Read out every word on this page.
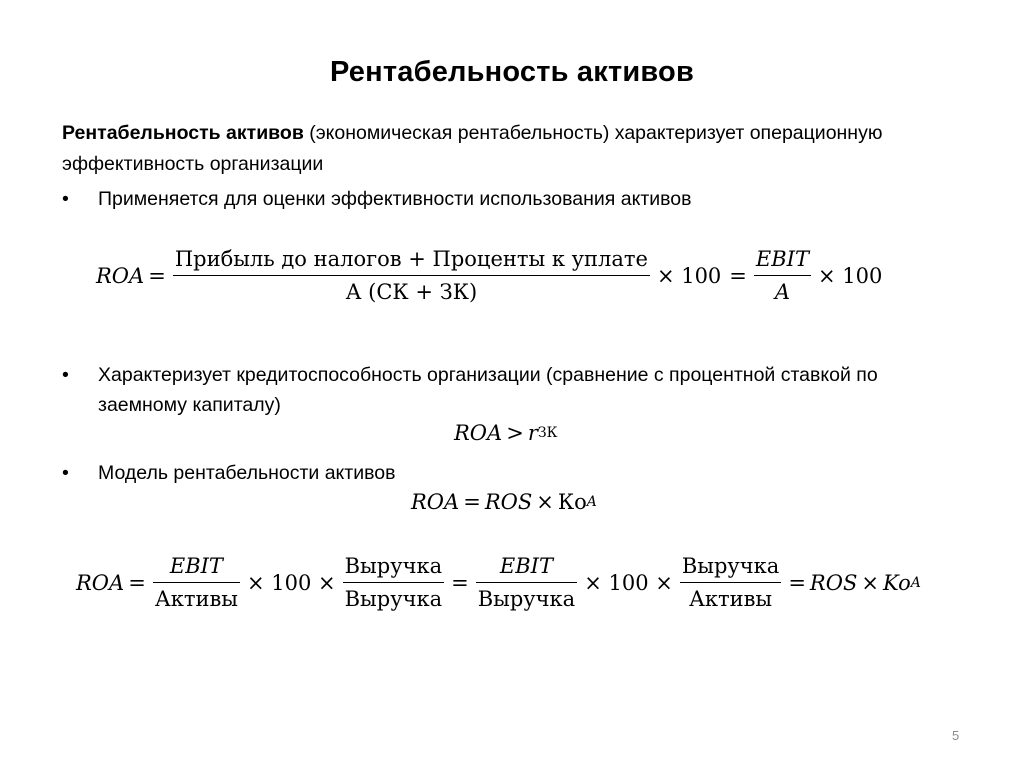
Рентабельность активов
Рентабельность активов (экономическая рентабельность) характеризует операционную эффективность организации
• Применяется для оценки эффективности использования активов
ROA = $\frac{\text{Прибыль до налогов + Проценты к уплате}}{А (СК + ЗК)} \times 100 = \frac{\text{EBIT}}{A} \times 100$
• Характеризует кредитоспособность организации (сравнение с процентной ставкой по заемному капиталу)
ROA > r ЗК
• Модель рентабельности активов
ROA = ROS × Ко A
ROA = $\frac{\text{EBIT}}{\text{Активы}} \times 100 \times \frac{\text{Выручка}}{\text{Выручка}} = \frac{\text{EBIT}}{\text{Выручка}} \times 100 \times \frac{\text{Выручка}}{\text{Активы}}$ = ROS × Ko A
5
